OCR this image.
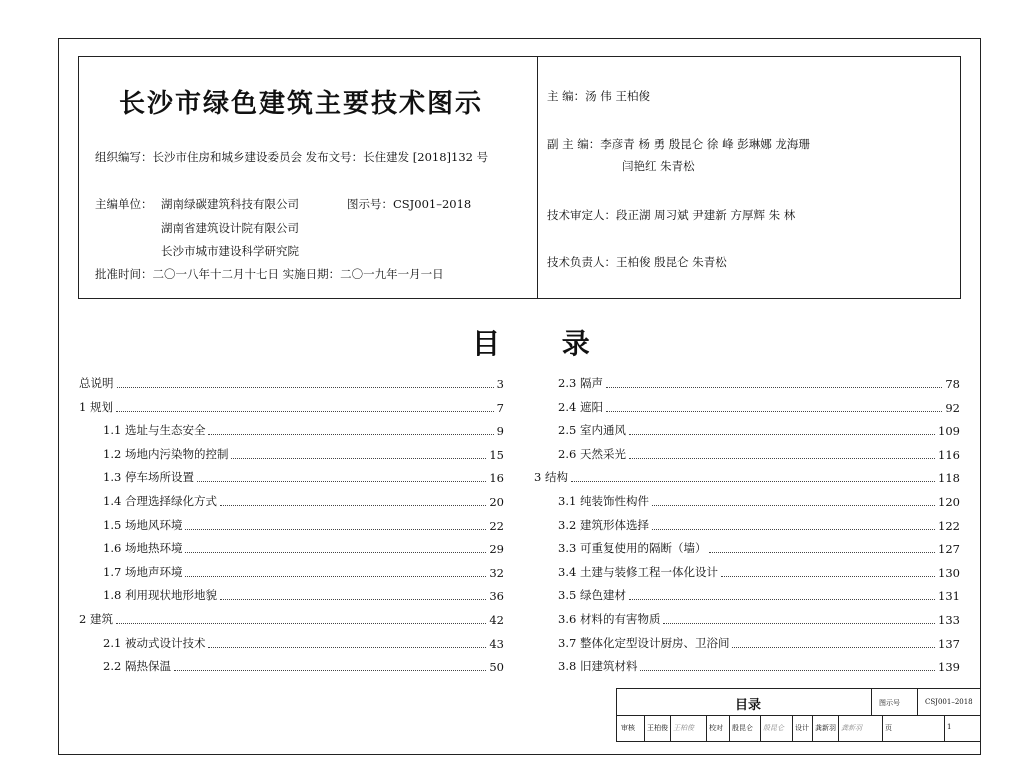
长沙市绿色建筑主要技术图示
组织编写：长沙市住房和城乡建设委员会 发布文号：长住建发 [2018]132 号
主编单位： 湖南绿碳建筑科技有限公司	图示号：CSJ001–2018
湖南省建筑设计院有限公司
长沙市城市建设科学研究院
批准时间：二〇一八年十二月十七日 实施日期：二〇一九年一月一日
主 编：汤 伟 王柏俊
副 主 编：李彦青 杨 勇 殷昆仑 徐 峰 彭琳娜 龙海珊
闫艳红 朱青松
技术审定人：段正湖 周习斌 尹建新 方厚辉 朱 林
技术负责人：王柏俊 殷昆仑 朱青松
目 录
总说明	3
1 规划	7
1.1 选址与生态安全	9
1.2 场地内污染物的控制	15
1.3 停车场所设置	16
1.4 合理选择绿化方式	20
1.5 场地风环境	22
1.6 场地热环境	29
1.7 场地声环境	32
1.8 利用现状地形地貌	36
2 建筑	42
2.1 被动式设计技术	43
2.2 隔热保温	50
2.3 隔声	78
2.4 遮阳	92
2.5 室内通风	109
2.6 天然采光	116
3 结构	118
3.1 纯装饰性构件	120
3.2 建筑形体选择	122
3.3 可重复使用的隔断（墙）	127
3.4 土建与装修工程一体化设计	130
3.5 绿色建材	131
3.6 材料的有害物质	133
3.7 整体化定型设计厨房、卫浴间	137
3.8 旧建筑材料	139
目录	图示号	CSJ001–2018
审核 王柏俊 王柏俊 校对 殷昆仑 殷昆仑 设计 龚新羽 龚新羽	页	1
